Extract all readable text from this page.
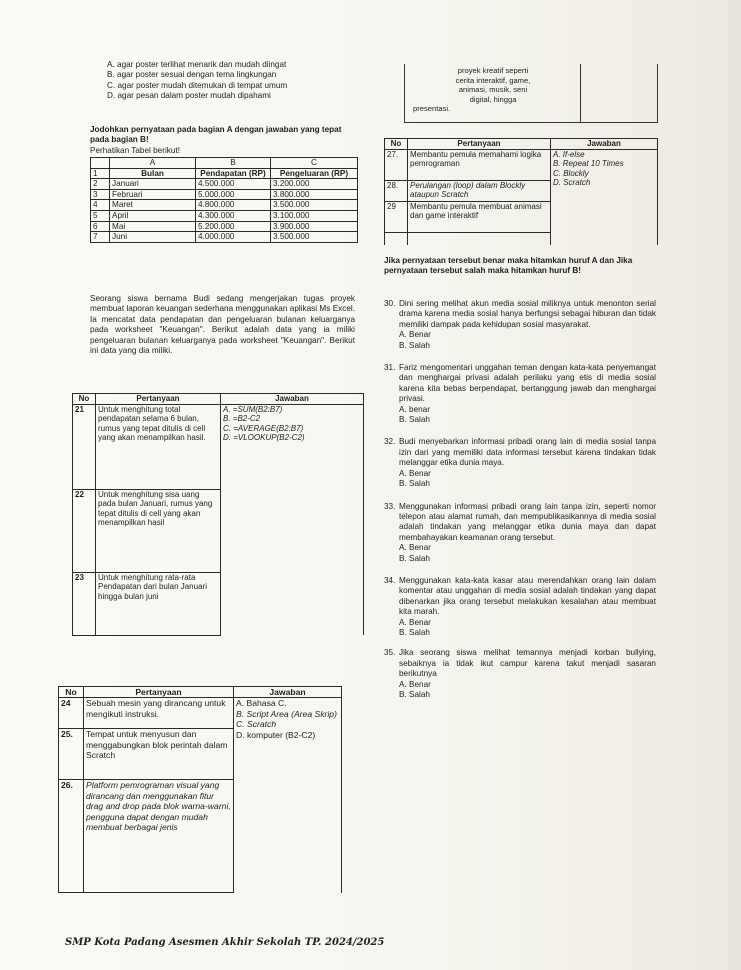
A. agar poster terlihat menarik dan mudah diingat

B. agar poster sesuai dengan tema lingkungan

C. agar poster mudah ditemukan di tempat umum

D. agar pesan dalam poster mudah dipahami

proyek kreatif seperti

cerita interaktif, game,

animasi, musik, seni

digital, hingga

presentasi.

Jodohkan pernyataan pada bagian A dengan jawaban yang tepat pada bagian B!

Perhatikan Tabel berikut!

	A	B	C
1	Bulan	Pendapatan (RP)	Pengeluaran (RP)
2	Januari	4.500.000	3.200.000
3	Februari	5.000.000	3.800.000
4	Maret	4.800.000	3.500.000
5	April	4.300.000	3.100.000
6	Mai	5.200.000	3.900.000
7	Juni	4.000.000	3.500.000

Seorang siswa bernama Budi sedang mengerjakan tugas proyek membuat laporan keuangan sederhana menggunakan aplikasi Ms Excel. Ia mencatat data pendapatan dan pengeluaran bulanan keluarganya pada worksheet "Keuangan". Berikut adalah data yang ia miliki pengeluaran bulanan keluarganya pada worksheet "Keuangan". Berikut ini data yang dia miliki.

No	Pertanyaan	Jawaban
21	Untuk menghitung total pendapatan selama 6 bulan, rumus yang tepat ditulis di cell yang akan menampilkan hasil.	A. =SUM(B2:B7)
B. =B2-C2
C. =AVERAGE(B2:B7)
D. =VLOOKUP(B2-C2)

22	Untuk menghitung sisa uang pada bulan Januari, rumus yang tepat ditulis di cell yang akan menampilkan hasil	
23	Untuk menghitung rata-rata Pendapatan dari bulan Januari hingga bulan juni	
No	Pertanyaan	Jawaban
24	Sebuah mesin yang dirancang untuk mengikuti instruksi.	A. Bahasa C.
B. Script Area (Area Skrip)
C. Scratch
D. komputer (B2-C2)

25.	Tempat untuk menyusun dan menggabungkan blok perintah dalam Scratch	
26.	Platform pemrograman visual yang dirancang dan menggunakan fitur drag and drop pada blok warna-warni, pengguna dapat dengan mudah membuat berbagai jenis	

SMP Kota Padang Asesmen Akhir Sekolah TP. 2024/2025

No	Pertanyaan	Jawaban
27.	Membantu pemula memahami logika pemrograman	A. If-else
B. Repeat 10 Times
C. Blockly
D. Scratch

28.	Perulangan (loop) dalam Blockly ataupun Scratch	
29	Membantu pemula membuat animasi dan game interaktif	

Jika pernyataan tersebut benar maka hitamkan huruf A dan Jika pernyataan tersebut salah maka hitamkan huruf B!

30. Dini sering melihat akun media sosial miliknya untuk menonton serial drama karena media sosial hanya berfungsi sebagai hiburan dan tidak memiliki dampak pada kehidupan sosial masyarakat.

A. Benar

B. Salah

31. Fariz mengomentari unggahan teman dengan kata-kata penyemangat dan menghargai privasi adalah perilaku yang etis di media sosial karena kita bebas berpendapat, bertanggung jawab dan menghargai privasi.

A. benar

B. Salah

32. Budi menyebarkan informasi pribadi orang lain di media sosial tanpa izin dari yang memiliki data informasi tersebut karena tindakan tidak melanggar etika dunia maya.

A. Benar

B. Salah

33. Menggunakan informasi pribadi orang lain tanpa izin, seperti nomor telepon atau alamat rumah, dan mempublikasikannya di media sosial adalah tindakan yang melanggar etika dunia maya dan dapat membahayakan keamanan orang tersebut.

A. Benar

B. Salah

34. Menggunakan kata-kata kasar atau merendahkan orang lain dalam komentar atau unggahan di media sosial adalah tindakan yang dapat dibenarkan jika orang tersebut melakukan kesalahan atau membuat kita marah.

A. Benar

B. Salah

35. Jika seorang siswa melihat temannya menjadi korban bullying, sebaiknya ia tidak ikut campur karena takut menjadi sasaran berikutnya

A. Benar

B. Salah
